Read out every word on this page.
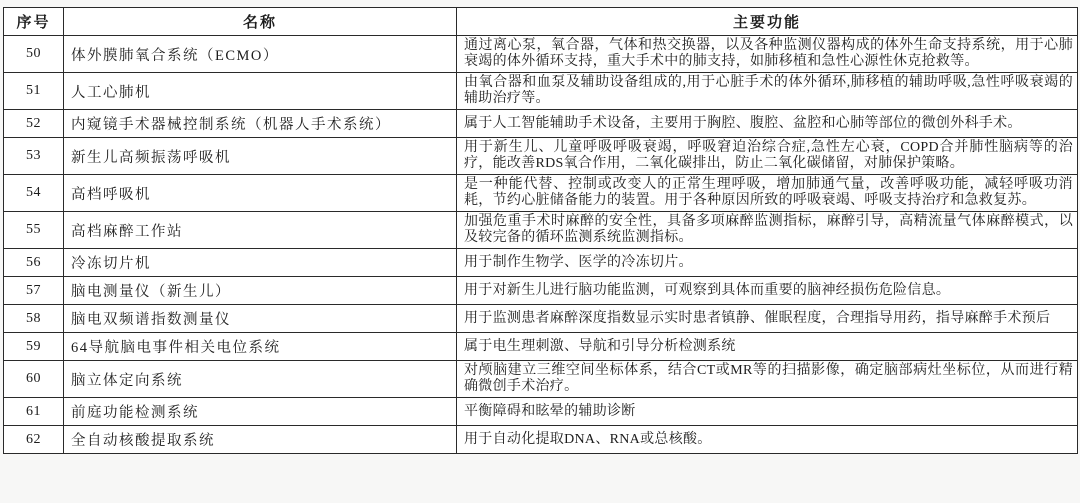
序号	名称	主要功能
50	体外膜肺氧合系统（ECMO）	通过离心泵，氧合器，气体和热交换器，以及各种监测仪器构成的体外生命支持系统，用于心肺衰竭的体外循环支持，重大手术中的肺支持，如肺移植和急性心源性休克抢救等。
51	人工心肺机	由氧合器和血泵及辅助设备组成的,用于心脏手术的体外循环,肺移植的辅助呼吸,急性呼吸衰竭的辅助治疗等。
52	内窥镜手术器械控制系统（机器人手术系统）	属于人工智能辅助手术设备，主要用于胸腔、腹腔、盆腔和心肺等部位的微创外科手术。
53	新生儿高频振荡呼吸机	用于新生儿、儿童呼吸呼吸衰竭，呼吸窘迫治综合症,急性左心衰，COPD合并肺性脑病等的治疗，能改善RDS氧合作用，二氧化碳排出，防止二氧化碳储留，对肺保护策略。
54	高档呼吸机	是一种能代替、控制或改变人的正常生理呼吸，增加肺通气量，改善呼吸功能，减轻呼吸功消耗，节约心脏储备能力的装置。用于各种原因所致的呼吸衰竭、呼吸支持治疗和急救复苏。
55	高档麻醉工作站	加强危重手术时麻醉的安全性，具备多项麻醉监测指标，麻醉引导，高精流量气体麻醉模式，以及较完备的循环监测系统监测指标。
56	冷冻切片机	用于制作生物学、医学的冷冻切片。
57	脑电测量仪（新生儿）	用于对新生儿进行脑功能监测，可观察到具体而重要的脑神经损伤危险信息。
58	脑电双频谱指数测量仪	用于监测患者麻醉深度指数显示实时患者镇静、催眠程度，合理指导用药，指导麻醉手术预后
59	64导航脑电事件相关电位系统	属于电生理刺激、导航和引导分析检测系统
60	脑立体定向系统	对颅脑建立三维空间坐标体系，结合CT或MR等的扫描影像，确定脑部病灶坐标位，从而进行精确微创手术治疗。
61	前庭功能检测系统	平衡障碍和眩晕的辅助诊断
62	全自动核酸提取系统	用于自动化提取DNA、RNA或总核酸。
